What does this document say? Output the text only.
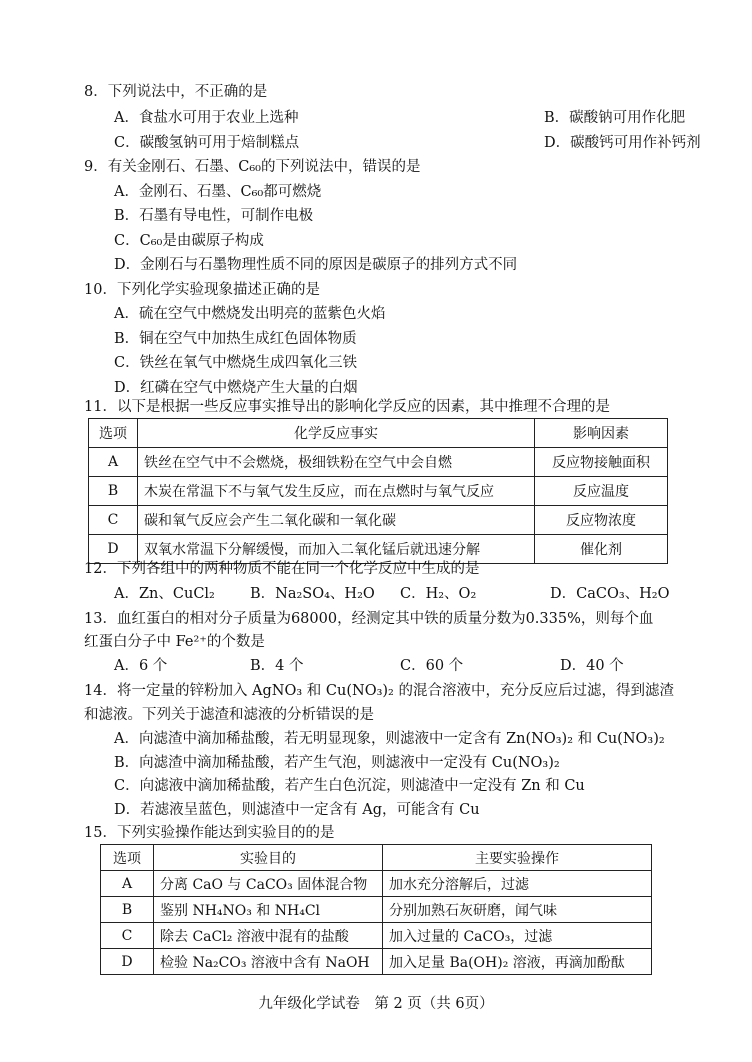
8．下列说法中，不正确的是
A．食盐水可用于农业上选种	B．碳酸钠可用作化肥
C．碳酸氢钠可用于焙制糕点	D．碳酸钙可用作补钙剂
9．有关金刚石、石墨、C₆₀的下列说法中，错误的是
A．金刚石、石墨、C₆₀都可燃烧
B．石墨有导电性，可制作电极
C．C₆₀是由碳原子构成
D．金刚石与石墨物理性质不同的原因是碳原子的排列方式不同
10．下列化学实验现象描述正确的是
A．硫在空气中燃烧发出明亮的蓝紫色火焰
B．铜在空气中加热生成红色固体物质
C．铁丝在氧气中燃烧生成四氧化三铁
D．红磷在空气中燃烧产生大量的白烟
11．以下是根据一些反应事实推导出的影响化学反应的因素，其中推理不合理的是
选项	化学反应事实	影响因素
A	铁丝在空气中不会燃烧，极细铁粉在空气中会自燃	反应物接触面积
B	木炭在常温下不与氧气发生反应，而在点燃时与氧气反应	反应温度
C	碳和氧气反应会产生二氧化碳和一氧化碳	反应物浓度
D	双氧水常温下分解缓慢，而加入二氧化锰后就迅速分解	催化剂
12．下列各组中的两种物质不能在同一个化学反应中生成的是
A．Zn、CuCl₂ B．Na₂SO₄、H₂O C．H₂、O₂	D．CaCO₃、H₂O
13．血红蛋白的相对分子质量为68000，经测定其中铁的质量分数为0.335%，则每个血
红蛋白分子中 Fe²⁺的个数是
A．6 个	B．4 个	C．60 个	D．40 个
14．将一定量的锌粉加入 AgNO₃ 和 Cu(NO₃)₂ 的混合溶液中，充分反应后过滤，得到滤渣
和滤液。下列关于滤渣和滤液的分析错误的是
A．向滤渣中滴加稀盐酸，若无明显现象，则滤液中一定含有 Zn(NO₃)₂ 和 Cu(NO₃)₂
B．向滤渣中滴加稀盐酸，若产生气泡，则滤液中一定没有 Cu(NO₃)₂
C．向滤液中滴加稀盐酸，若产生白色沉淀，则滤渣中一定没有 Zn 和 Cu
D．若滤液呈蓝色，则滤渣中一定含有 Ag，可能含有 Cu
15．下列实验操作能达到实验目的的是
选项	实验目的	主要实验操作
A	分离 CaO 与 CaCO₃ 固体混合物	加水充分溶解后，过滤
B	鉴别 NH₄NO₃ 和 NH₄Cl	分别加熟石灰研磨，闻气味
C	除去 CaCl₂ 溶液中混有的盐酸	加入过量的 CaCO₃，过滤
D	检验 Na₂CO₃ 溶液中含有 NaOH	加入足量 Ba(OH)₂ 溶液，再滴加酚酞
九年级化学试卷　第 2 页（共 6页）
